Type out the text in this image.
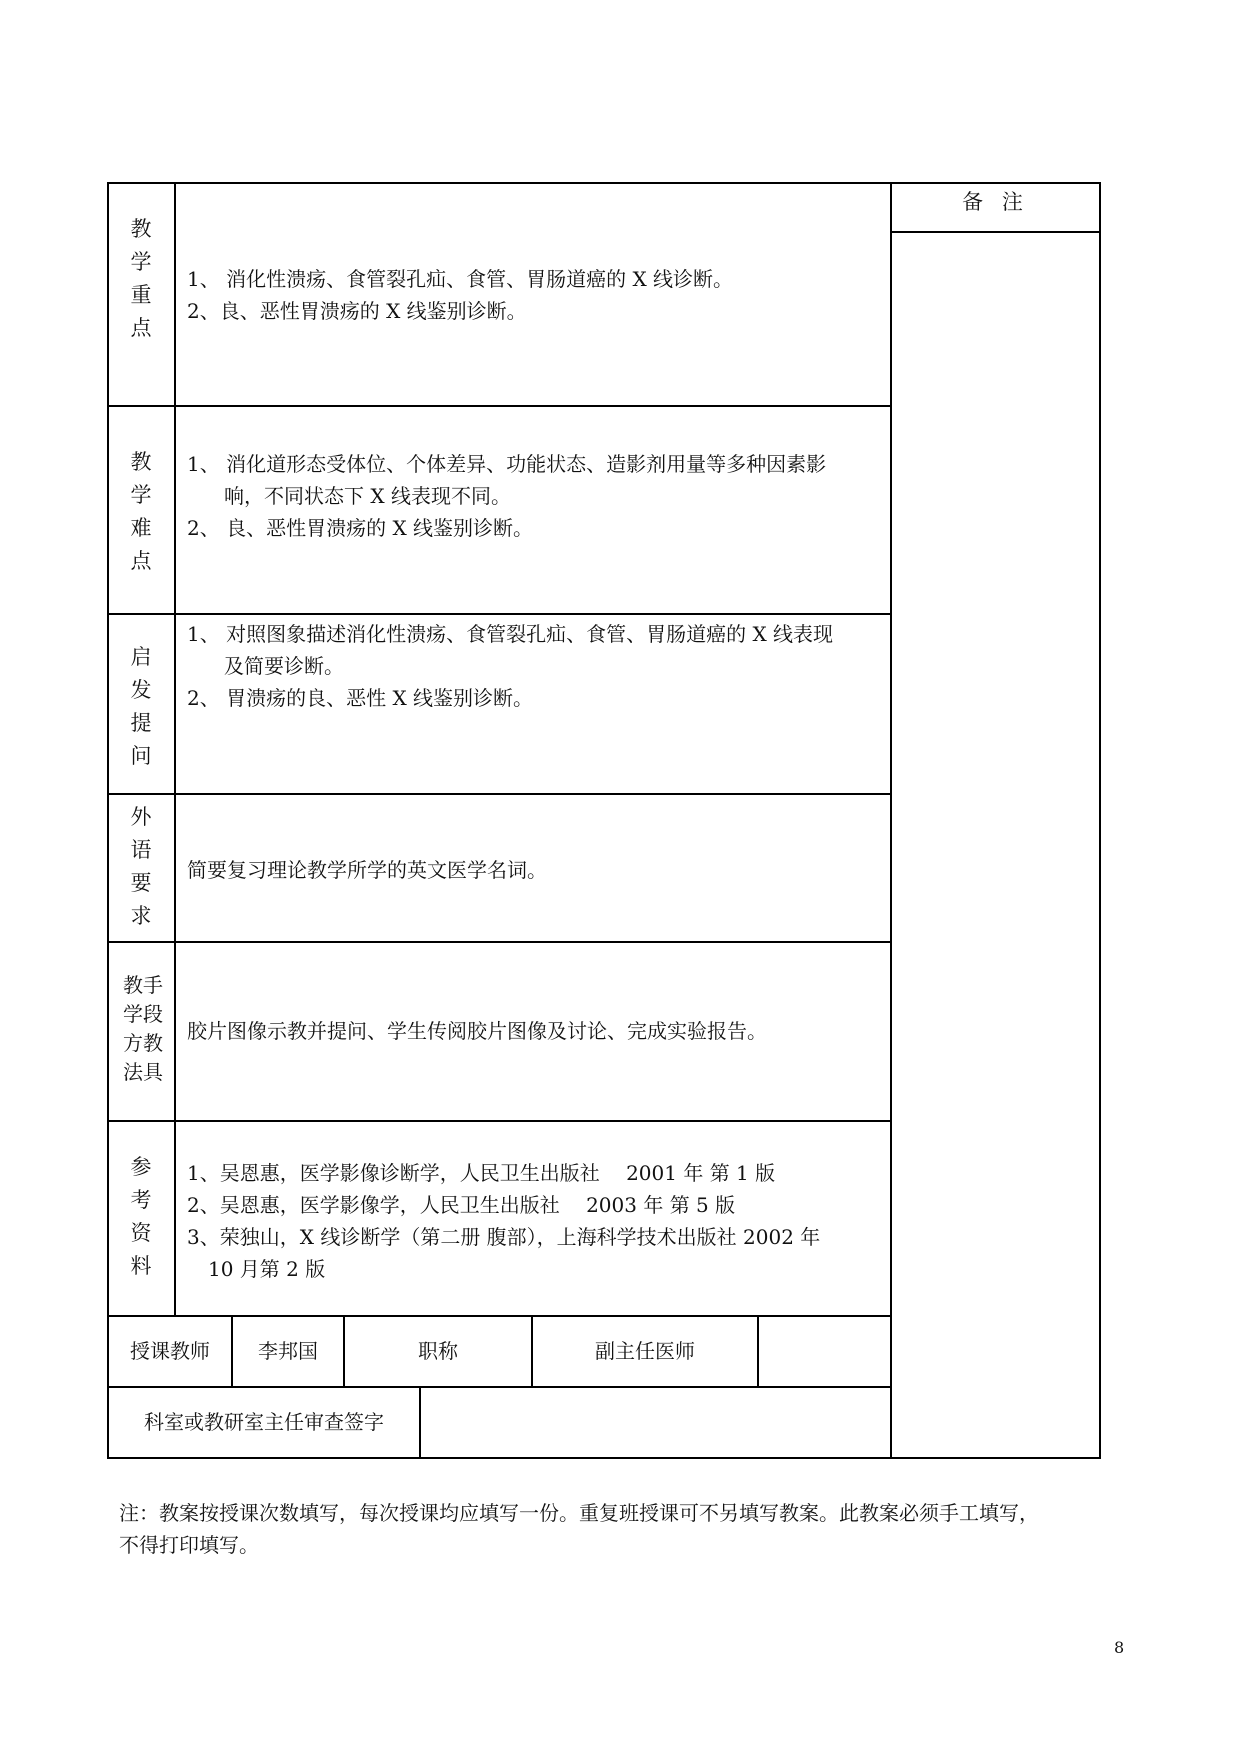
备 注
教学重点
1、 消化性溃疡、食管裂孔疝、食管、胃肠道癌的 X 线诊断。
2、良、恶性胃溃疡的 X 线鉴别诊断。
教学难点
1、 消化道形态受体位、个体差异、功能状态、造影剂用量等多种因素影
响，不同状态下 X 线表现不同。
2、 良、恶性胃溃疡的 X 线鉴别诊断。
启发提问
1、 对照图象描述消化性溃疡、食管裂孔疝、食管、胃肠道癌的 X 线表现
及简要诊断。
2、 胃溃疡的良、恶性 X 线鉴别诊断。
外语要求
简要复习理论教学所学的英文医学名词。
教手学段方教法具
胶片图像示教并提问、学生传阅胶片图像及讨论、完成实验报告。
参考资料
1、吴恩惠，医学影像诊断学，人民卫生出版社　 2001 年 第 1 版
2、吴恩惠，医学影像学，人民卫生出版社　 2003 年 第 5 版
3、荣独山，X 线诊断学（第二册 腹部），上海科学技术出版社 2002 年
10 月第 2 版
授课教师	李邦国	职称	副主任医师
科室或教研室主任审查签字
注：教案按授课次数填写，每次授课均应填写一份。重复班授课可不另填写教案。此教案必须手工填写，
不得打印填写。
8
